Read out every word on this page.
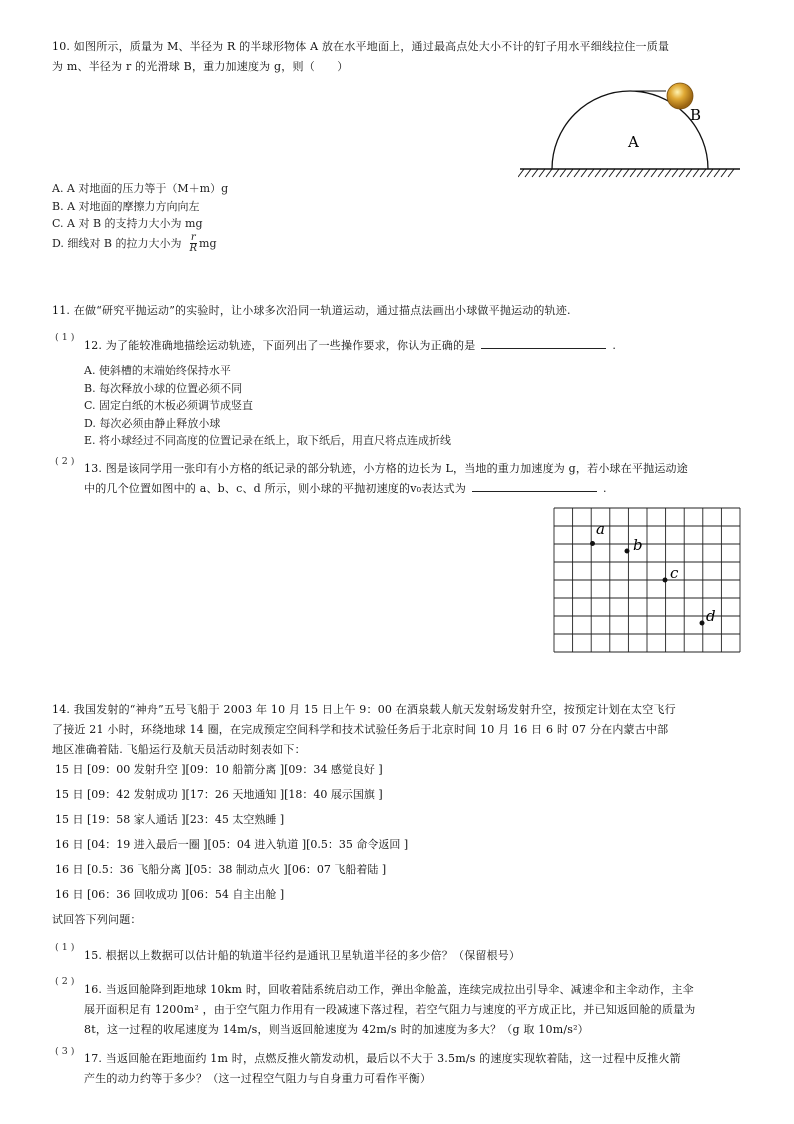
10. 如图所示，质量为 M、半径为 R 的半球形物体 A 放在水平地面上，通过最高点处大小不计的钉子用水平细线拉住一质量
为 m、半径为 r 的光滑球 B，重力加速度为 g，则（　　）
B
A
A. A 对地面的压力等于（M＋m）g
B. A 对地面的摩擦力方向向左
C. A 对 B 的支持力大小为 mg
D. 细线对 B 的拉力大小为 $\frac{r}{R}$ mg
11. 在做“研究平抛运动”的实验时，让小球多次沿同一轨道运动，通过描点法画出小球做平抛运动的轨迹.
( 1 )
12. 为了能较准确地描绘运动轨迹，下面列出了一些操作要求，你认为正确的是	.
A. 使斜槽的末端始终保持水平
B. 每次释放小球的位置必须不同
C. 固定白纸的木板必须调节成竖直
D. 每次必须由静止释放小球
E. 将小球经过不同高度的位置记录在纸上，取下纸后，用直尺将点连成折线
( 2 )
13. 图是该同学用一张印有小方格的纸记录的部分轨迹，小方格的边长为 L，当地的重力加速度为 g，若小球在平抛运动途
中的几个位置如图中的 a、b、c、d 所示，则小球的平抛初速度的v₀表达式为	.
a
b
c
d
14. 我国发射的“神舟”五号飞船于 2003 年 10 月 15 日上午 9：00 在酒泉载人航天发射场发射升空，按预定计划在太空飞行
了接近 21 小时，环绕地球 14 圈，在完成预定空间科学和技术试验任务后于北京时间 10 月 16 日 6 时 07 分在内蒙古中部
地区准确着陆. 飞船运行及航天员活动时刻表如下：
15 日 [09：00 发射升空 ][09：10 船箭分离 ][09：34 感觉良好 ]
15 日 [09：42 发射成功 ][17：26 天地通知 ][18：40 展示国旗 ]
15 日 [19：58 家人通话 ][23：45 太空熟睡 ]
16 日 [04：19 进入最后一圈 ][05：04 进入轨道 ][0.5：35 命令返回 ]
16 日 [0.5：36 飞船分离 ][05：38 制动点火 ][06：07 飞船着陆 ]
16 日 [06：36 回收成功 ][06：54 自主出舱 ]
试回答下列问题：
( 1 )
15. 根据以上数据可以估计船的轨道半径约是通讯卫星轨道半径的多少倍？（保留根号）
( 2 )
16. 当返回舱降到距地球 10km 时，回收着陆系统启动工作，弹出伞舱盖，连续完成拉出引导伞、减速伞和主伞动作，主伞
展开面积足有 1200m² ，由于空气阻力作用有一段减速下落过程，若空气阻力与速度的平方成正比，并已知返回舱的质量为
8t，这一过程的收尾速度为 14m/s，则当返回舱速度为 42m/s 时的加速度为多大？（g 取 10m/s²）
( 3 )
17. 当返回舱在距地面约 1m 时，点燃反推火箭发动机，最后以不大于 3.5m/s 的速度实现软着陆，这一过程中反推火箭
产生的动力约等于多少？（这一过程空气阻力与自身重力可看作平衡）
